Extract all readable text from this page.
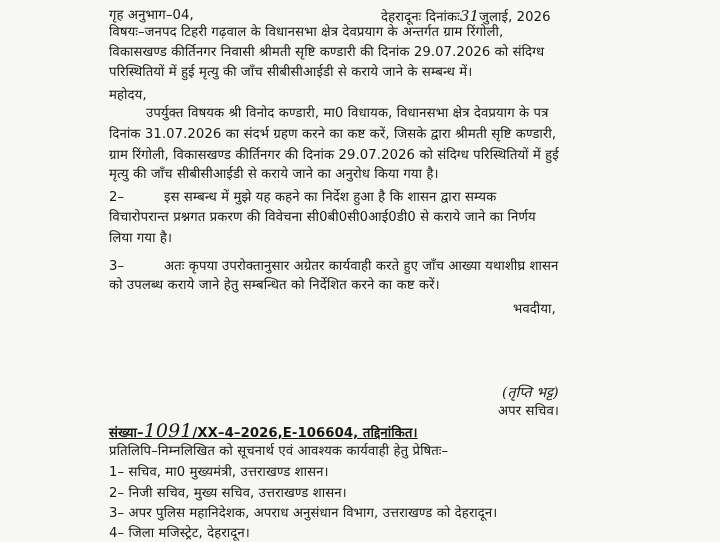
गृह अनुभाग–04,	देहरादूनः दिनांकः31जुलाई, 2026
विषयः–जनपद टिहरी गढ़वाल के विधानसभा क्षेत्र देवप्रयाग के अन्तर्गत ग्राम रिंगोली,
विकासखण्ड कीर्तिनगर निवासी श्रीमती सृष्टि कण्डारी की दिनांक 29.07.2026 को संदिग्ध
परिस्थितियों में हुई मृत्यु की जाँच सीबीसीआईडी से कराये जाने के सम्बन्ध में।
महोदय,
उपर्युक्त विषयक श्री विनोद कण्डारी, मा0 विधायक, विधानसभा क्षेत्र देवप्रयाग के पत्र
दिनांक 31.07.2026 का संदर्भ ग्रहण करने का कष्ट करें, जिसके द्वारा श्रीमती सृष्टि कण्डारी,
ग्राम रिंगोली, विकासखण्ड कीर्तिनगर की दिनांक 29.07.2026 को संदिग्ध परिस्थितियों में हुई
मृत्यु की जाँच सीबीसीआईडी से कराये जाने का अनुरोध किया गया है।
2–	इस सम्बन्ध में मुझे यह कहने का निर्देश हुआ है कि शासन द्वारा सम्यक
विचारोपरान्त प्रश्नगत प्रकरण की विवेचना सी0बी0सी0आई0डी0 से कराये जाने का निर्णय
लिया गया है।
3–	अतः कृपया उपरोक्तानुसार अग्रेतर कार्यवाही करते हुए जाँच आख्या यथाशीघ्र शासन
को उपलब्ध कराये जाने हेतु सम्बन्धित को निर्देशित करने का कष्ट करें।
भवदीया,
(तृप्ति भट्ट)
अपर सचिव।
संख्या–1091/XX–4–2026,E-106604, तद्दिनांकित।
प्रतिलिपि–निम्नलिखित को सूचनार्थ एवं आवश्यक कार्यवाही हेतु प्रेषितः–
1– सचिव, मा0 मुख्यमंत्री, उत्तराखण्ड शासन।
2– निजी सचिव, मुख्य सचिव, उत्तराखण्ड शासन।
3– अपर पुलिस महानिदेशक, अपराध अनुसंधान विभाग, उत्तराखण्ड को देहरादून।
4– जिला मजिस्ट्रेट, देहरादून।
